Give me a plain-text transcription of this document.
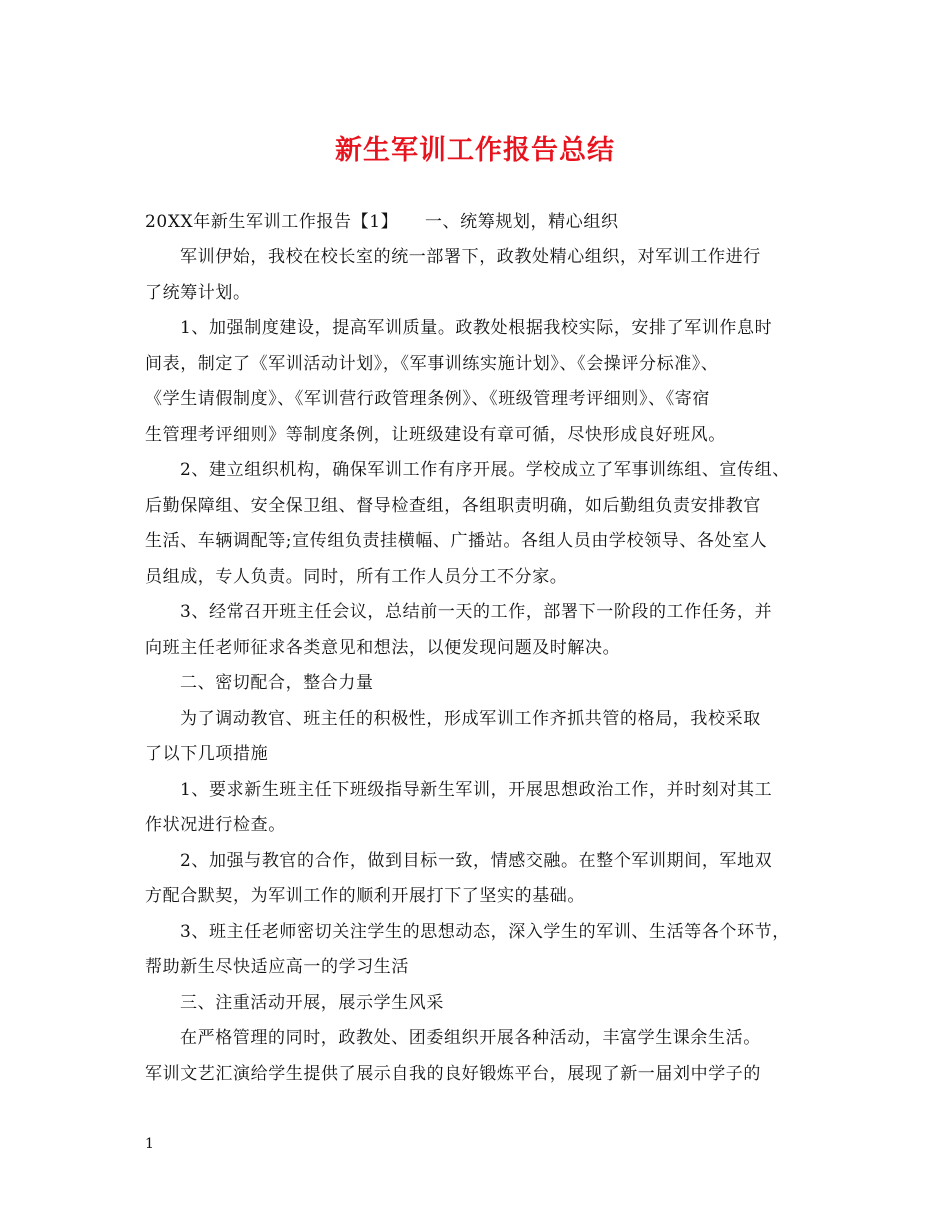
新生军训工作报告总结
20XX年新生军训工作报告【1】　　一、统筹规划，精心组织
军训伊始，我校在校长室的统一部署下，政教处精心组织，对军训工作进行
了统筹计划。
1、加强制度建设，提高军训质量。政教处根据我校实际，安排了军训作息时
间表，制定了《军训活动计划》，《军事训练实施计划》、《会操评分标准》、
《学生请假制度》、《军训营行政管理条例》、《班级管理考评细则》、《寄宿
生管理考评细则》等制度条例，让班级建设有章可循，尽快形成良好班风。
2、建立组织机构，确保军训工作有序开展。学校成立了军事训练组、宣传组、
后勤保障组、安全保卫组、督导检查组，各组职责明确，如后勤组负责安排教官
生活、车辆调配等;宣传组负责挂横幅、广播站。各组人员由学校领导、各处室人
员组成，专人负责。同时，所有工作人员分工不分家。
3、经常召开班主任会议，总结前一天的工作，部署下一阶段的工作任务，并
向班主任老师征求各类意见和想法，以便发现问题及时解决。
二、密切配合，整合力量
为了调动教官、班主任的积极性，形成军训工作齐抓共管的格局，我校采取
了以下几项措施
1、要求新生班主任下班级指导新生军训，开展思想政治工作，并时刻对其工
作状况进行检查。
2、加强与教官的合作，做到目标一致，情感交融。在整个军训期间，军地双
方配合默契，为军训工作的顺利开展打下了坚实的基础。
3、班主任老师密切关注学生的思想动态，深入学生的军训、生活等各个环节，
帮助新生尽快适应高一的学习生活
三、注重活动开展，展示学生风采
在严格管理的同时，政教处、团委组织开展各种活动，丰富学生课余生活。
军训文艺汇演给学生提供了展示自我的良好锻炼平台，展现了新一届刘中学子的
1
